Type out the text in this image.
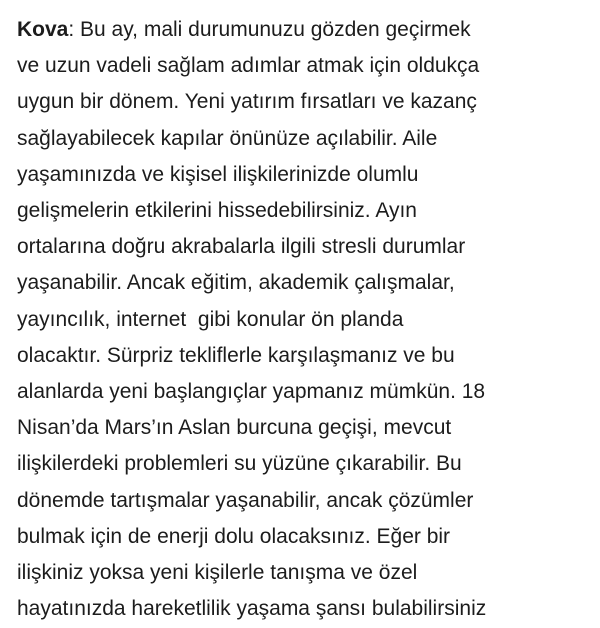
Kova: Bu ay, mali durumunuzu gözden geçirmek
ve uzun vadeli sağlam adımlar atmak için oldukça
uygun bir dönem. Yeni yatırım fırsatları ve kazanç
sağlayabilecek kapılar önünüze açılabilir. Aile
yaşamınızda ve kişisel ilişkilerinizde olumlu
gelişmelerin etkilerini hissedebilirsiniz. Ayın
ortalarına doğru akrabalarla ilgili stresli durumlar
yaşanabilir. Ancak eğitim, akademik çalışmalar,
yayıncılık, internet  gibi konular ön planda
olacaktır. Sürpriz tekliflerle karşılaşmanız ve bu
alanlarda yeni başlangıçlar yapmanız mümkün. 18
Nisan’da Mars’ın Aslan burcuna geçişi, mevcut
ilişkilerdeki problemleri su yüzüne çıkarabilir. Bu
dönemde tartışmalar yaşanabilir, ancak çözümler
bulmak için de enerji dolu olacaksınız. Eğer bir
ilişkiniz yoksa yeni kişilerle tanışma ve özel
hayatınızda hareketlilik yaşama şansı bulabilirsiniz
